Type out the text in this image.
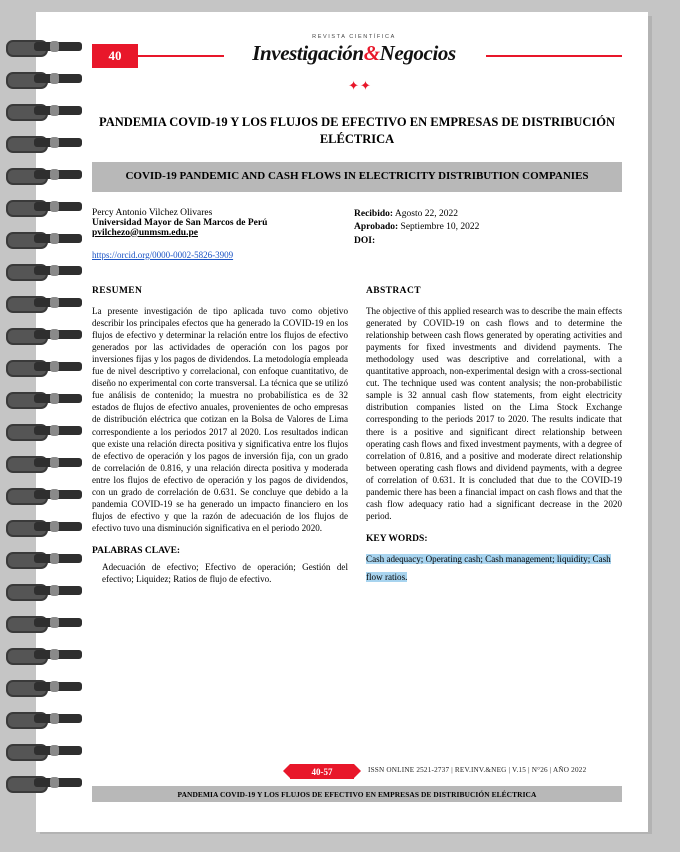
40
REVISTA CIENTÍFICA
Investigación&Negocios
✦✦
PANDEMIA COVID-19 Y LOS FLUJOS DE EFECTIVO EN EMPRESAS DE DISTRIBUCIÓN ELÉCTRICA
COVID-19 PANDEMIC AND CASH FLOWS IN ELECTRICITY DISTRIBUTION COMPANIES
Percy Antonio Vilchez Olivares
Universidad Mayor de San Marcos de Perú
pvilchezo@unmsm.edu.pe
https://orcid.org/0000-0002-5826-3909
Recibido: Agosto 22, 2022
Aprobado: Septiembre 10, 2022
DOI:
RESUMEN
La presente investigación de tipo aplicada tuvo como objetivo describir los principales efectos que ha generado la COVID-19 en los flujos de efectivo y determinar la relación entre los flujos de efectivo generados por las actividades de operación con los pagos por inversiones fijas y los pagos de dividendos. La metodología empleada fue de nivel descriptivo y correlacional, con enfoque cuantitativo, de diseño no experimental con corte transversal. La técnica que se utilizó fue análisis de contenido; la muestra no probabilística es de 32 estados de flujos de efectivo anuales, provenientes de ocho empresas de distribución eléctrica que cotizan en la Bolsa de Valores de Lima correspondiente a los periodos 2017 al 2020. Los resultados indican que existe una relación directa positiva y significativa entre los flujos de efectivo de operación y los pagos de inversión fija, con un grado de correlación de 0.816, y una relación directa positiva y moderada entre los flujos de efectivo de operación y los pagos de dividendos, con un grado de correlación de 0.631. Se concluye que debido a la pandemia COVID-19 se ha generado un impacto financiero en los flujos de efectivo y que la razón de adecuación de los flujos de efectivo tuvo una disminución significativa en el periodo 2020.
PALABRAS CLAVE:
Adecuación de efectivo; Efectivo de operación; Gestión del efectivo; Liquidez; Ratios de flujo de efectivo.
ABSTRACT
The objective of this applied research was to describe the main effects generated by COVID-19 on cash flows and to determine the relationship between cash flows generated by operating activities and payments for fixed investments and dividend payments. The methodology used was descriptive and correlational, with a quantitative approach, non-experimental design with a cross-sectional cut. The technique used was content analysis; the non-probabilistic sample is 32 annual cash flow statements, from eight electricity distribution companies listed on the Lima Stock Exchange corresponding to the periods 2017 to 2020. The results indicate that there is a positive and significant direct relationship between operating cash flows and fixed investment payments, with a degree of correlation of 0.816, and a positive and moderate direct relationship between operating cash flows and dividend payments, with a degree of correlation of 0.631. It is concluded that due to the COVID-19 pandemic there has been a financial impact on cash flows and that the cash flow adequacy ratio had a significant decrease in the 2020 period.
KEY WORDS:
Cash adequacy; Operating cash; Cash management; liquidity; Cash flow ratios.
40-57	ISSN ONLINE 2521-2737 | REV.INV.&NEG | V.15 | N°26 | AÑO 2022
PANDEMIA COVID-19 Y LOS FLUJOS DE EFECTIVO EN EMPRESAS DE DISTRIBUCIÓN ELÉCTRICA
